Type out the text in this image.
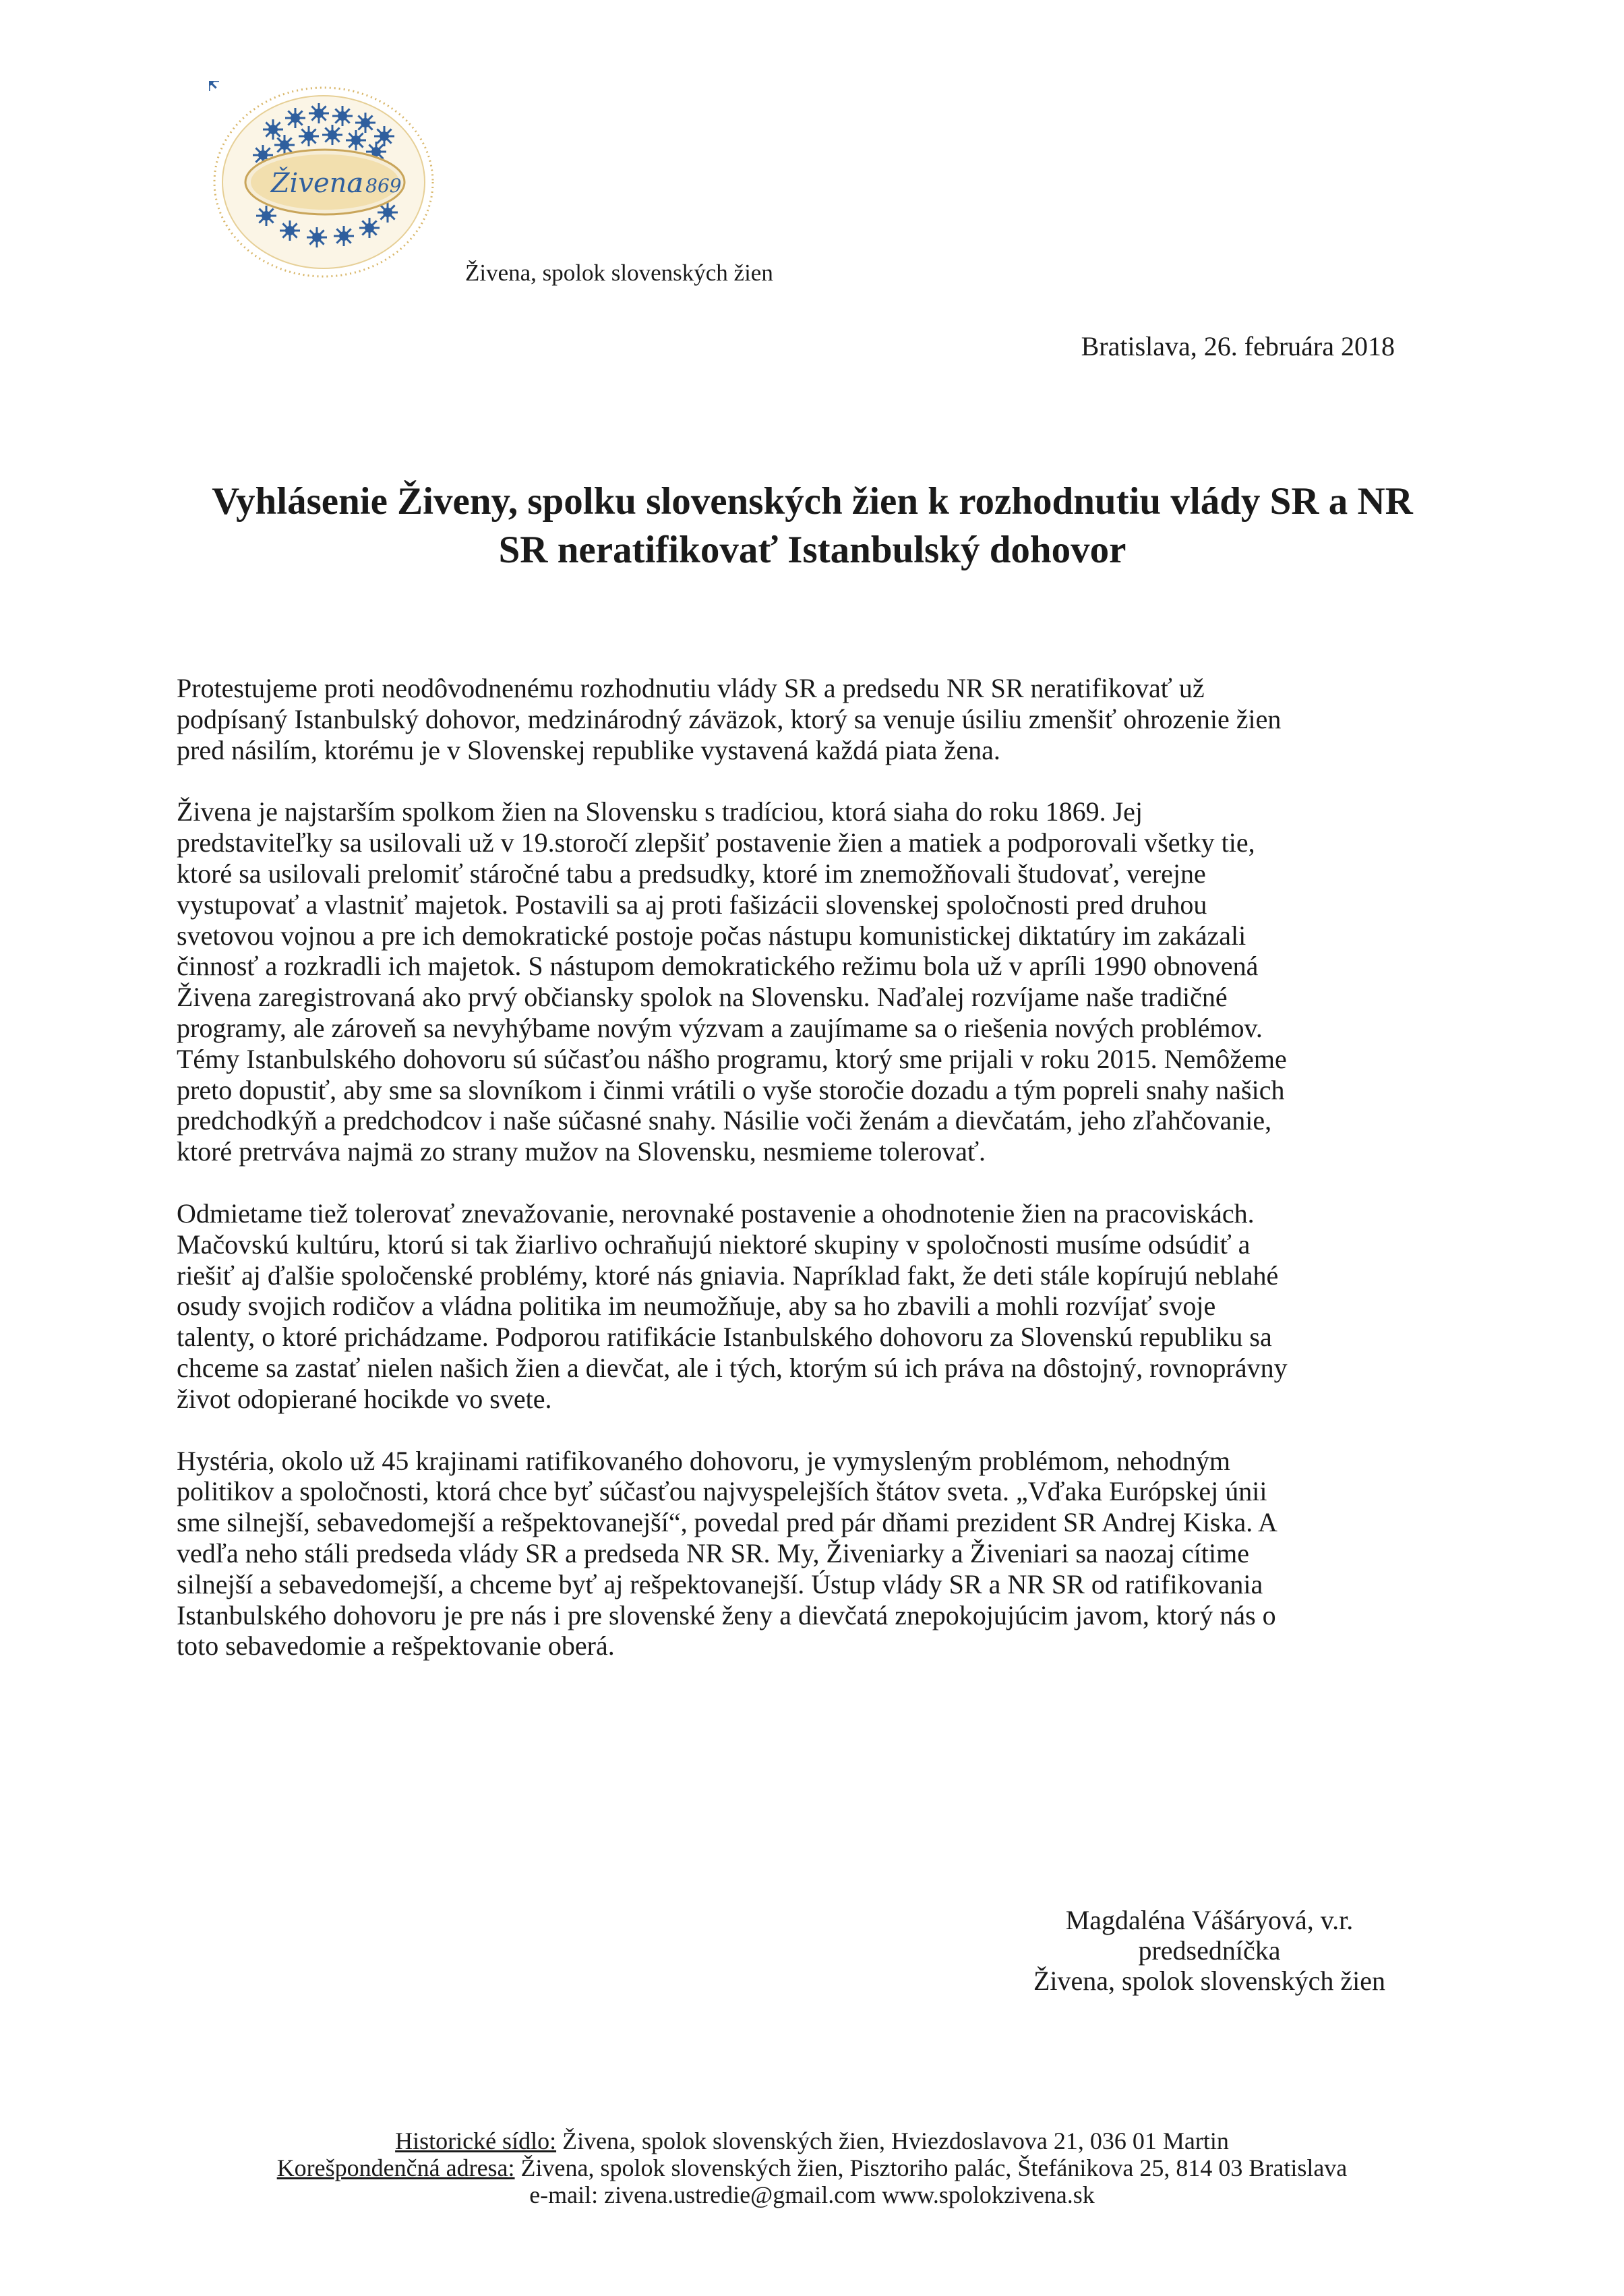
Živena
1869
Živena, spolok slovenských žien
Bratislava, 26. februára 2018
Vyhlásenie Živeny, spolku slovenských žien k rozhodnutiu vlády SR a NR
SR neratifikovať Istanbulský dohovor
Protestujeme proti neodôvodnenému rozhodnutiu vlády SR a predsedu NR SR neratifikovať už
podpísaný Istanbulský dohovor, medzinárodný záväzok, ktorý sa venuje úsiliu zmenšiť ohrozenie žien
pred násilím, ktorému je v Slovenskej republike vystavená každá piata žena.
Živena je najstarším spolkom žien na Slovensku s tradíciou, ktorá siaha do roku 1869. Jej
predstaviteľky sa usilovali už v 19.storočí zlepšiť postavenie žien a matiek a podporovali všetky tie,
ktoré sa usilovali prelomiť stáročné tabu a predsudky, ktoré im znemožňovali študovať, verejne
vystupovať a vlastniť majetok. Postavili sa aj proti fašizácii slovenskej spoločnosti pred druhou
svetovou vojnou a pre ich demokratické postoje počas nástupu komunistickej diktatúry im zakázali
činnosť a rozkradli ich majetok. S nástupom demokratického režimu bola už v apríli 1990 obnovená
Živena zaregistrovaná ako prvý občiansky spolok na Slovensku. Naďalej rozvíjame naše tradičné
programy, ale zároveň sa nevyhýbame novým výzvam a zaujímame sa o riešenia nových problémov.
Témy Istanbulského dohovoru sú súčasťou nášho programu, ktorý sme prijali v roku 2015. Nemôžeme
preto dopustiť, aby sme sa slovníkom i činmi vrátili o vyše storočie dozadu a tým popreli snahy našich
predchodkýň a predchodcov i naše súčasné snahy. Násilie voči ženám a dievčatám, jeho zľahčovanie,
ktoré pretrváva najmä zo strany mužov na Slovensku, nesmieme tolerovať.
Odmietame tiež tolerovať znevažovanie, nerovnaké postavenie a ohodnotenie žien na pracoviskách.
Mačovskú kultúru, ktorú si tak žiarlivo ochraňujú niektoré skupiny v spoločnosti musíme odsúdiť a
riešiť aj ďalšie spoločenské problémy, ktoré nás gniavia. Napríklad fakt, že deti stále kopírujú neblahé
osudy svojich rodičov a vládna politika im neumožňuje, aby sa ho zbavili a mohli rozvíjať svoje
talenty, o ktoré prichádzame. Podporou ratifikácie Istanbulského dohovoru za Slovenskú republiku sa
chceme sa zastať nielen našich žien a dievčat, ale i tých, ktorým sú ich práva na dôstojný, rovnoprávny
život odopierané hocikde vo svete.
Hystéria, okolo už 45 krajinami ratifikovaného dohovoru, je vymysleným problémom, nehodným
politikov a spoločnosti, ktorá chce byť súčasťou najvyspelejších štátov sveta. „Vďaka Európskej únii
sme silnejší, sebavedomejší a rešpektovanejší“, povedal pred pár dňami prezident SR Andrej Kiska. A
vedľa neho stáli predseda vlády SR a predseda NR SR. My, Živeniarky a Živeniari sa naozaj cítime
silnejší a sebavedomejší, a chceme byť aj rešpektovanejší. Ústup vlády SR a NR SR od ratifikovania
Istanbulského dohovoru je pre nás i pre slovenské ženy a dievčatá znepokojujúcim javom, ktorý nás o
toto sebavedomie a rešpektovanie oberá.
Magdaléna Vášáryová, v.r.
predsedníčka
Živena, spolok slovenských žien
Historické sídlo: Živena, spolok slovenských žien, Hviezdoslavova 21, 036 01 Martin
Korešpondenčná adresa: Živena, spolok slovenských žien, Pisztoriho palác, Štefánikova 25, 814 03 Bratislava
e-mail: zivena.ustredie@gmail.com www.spolokzivena.sk
